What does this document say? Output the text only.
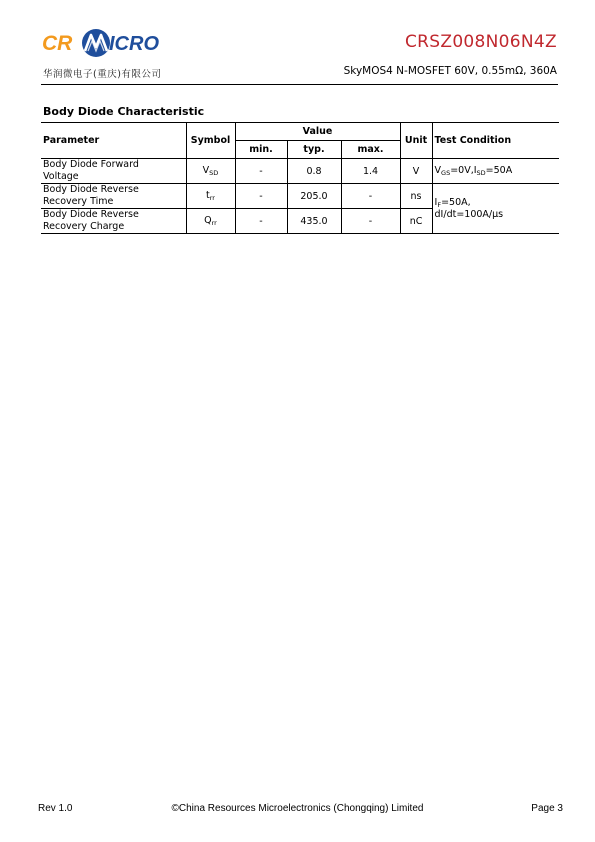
CR ICRO
华润微电子(重庆)有限公司
CRSZ008N06N4Z
SkyMOS4 N-MOSFET 60V, 0.55mΩ, 360A
Body Diode Characteristic
Parameter	Symbol	Value			Unit	Test Condition
		min.	typ.	max.		
Body Diode Forward
Voltage	$V_{SD}$	-	0.8	1.4	V	$V_{GS}=0V,I_{SD}=50A$
Body Diode Reverse
Recovery Time	$t_{rr}$	-	205.0	-	ns	$I_F=50A$,
dI/dt=100A/µs
Body Diode Reverse
Recovery Charge	$Q_{rr}$	-	435.0	-	nC	
Rev 1.0	©China Resources Microelectronics (Chongqing) Limited	Page 3
